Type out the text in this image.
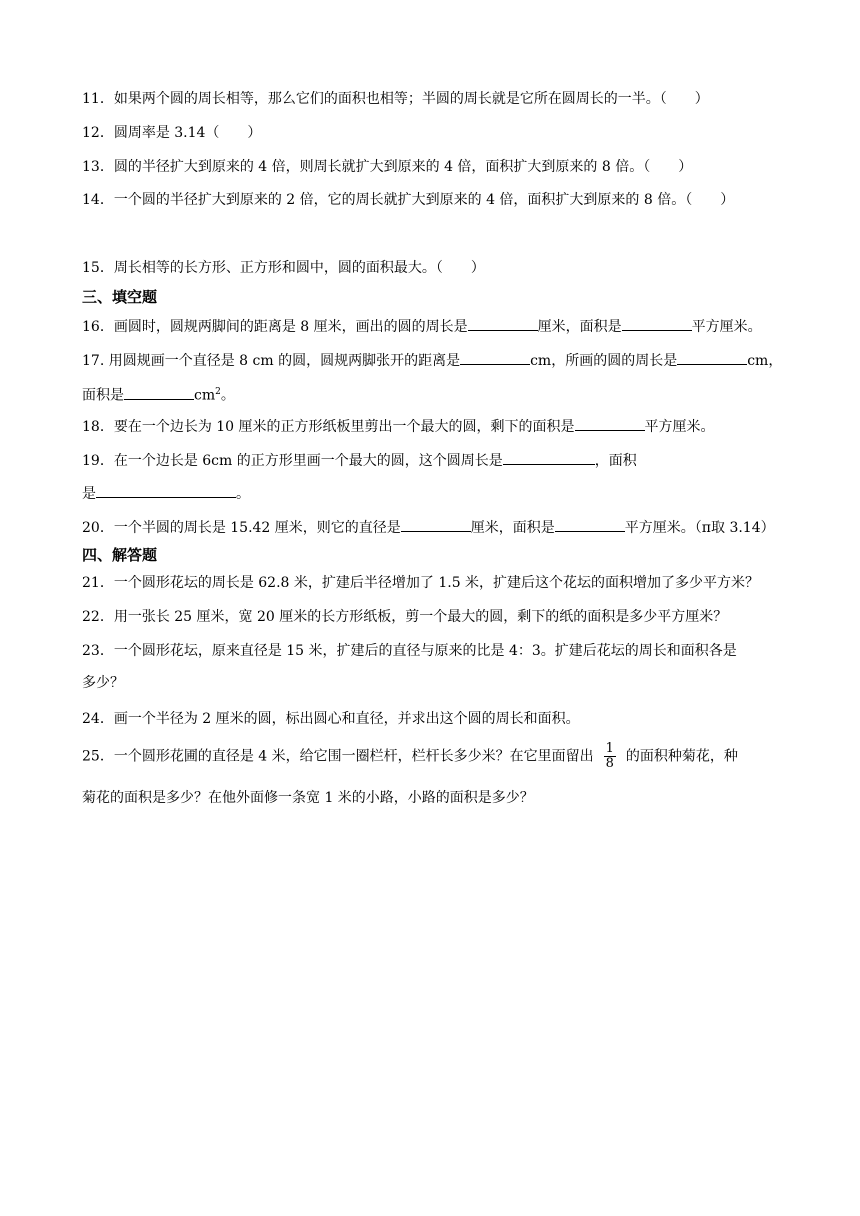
11．如果两个圆的周长相等，那么它们的面积也相等；半圆的周长就是它所在圆周长的一半。（　　）
12．圆周率是 3.14（　　）
13．圆的半径扩大到原来的 4 倍，则周长就扩大到原来的 4 倍，面积扩大到原来的 8 倍。（　　）
14．一个圆的半径扩大到原来的 2 倍，它的周长就扩大到原来的 4 倍，面积扩大到原来的 8 倍。（　　）
15．周长相等的长方形、正方形和圆中，圆的面积最大。（　　）
三、填空题
16．画圆时，圆规两脚间的距离是 8 厘米，画出的圆的周长是	厘米，面积是	平方厘米。
17. 用圆规画一个直径是 8 cm 的圆，圆规两脚张开的距离是	cm，所画的圆的周长是	cm，
面积是	$cm^2$。
18．要在一个边长为 10 厘米的正方形纸板里剪出一个最大的圆，剩下的面积是	平方厘米。
19．在一个边长是 6cm 的正方形里画一个最大的圆，这个圆周长是	，面积
是	。
20．一个半圆的周长是 15.42 厘米，则它的直径是	厘米，面积是	平方厘米。（π取 3.14）
四、解答题
21．一个圆形花坛的周长是 62.8 米，扩建后半径增加了 1.5 米，扩建后这个花坛的面积增加了多少平方米？
22．用一张长 25 厘米，宽 20 厘米的长方形纸板，剪一个最大的圆，剩下的纸的面积是多少平方厘米？
23．一个圆形花坛，原来直径是 15 米，扩建后的直径与原来的比是 4：3。扩建后花坛的周长和面积各是
多少？
24．画一个半径为 2 厘米的圆，标出圆心和直径，并求出这个圆的周长和面积。
25．一个圆形花圃的直径是 4 米，给它围一圈栏杆，栏杆长多少米？在它里面留出 $\frac{1}{8}$ 的面积种菊花，种
菊花的面积是多少？在他外面修一条宽 1 米的小路，小路的面积是多少？
